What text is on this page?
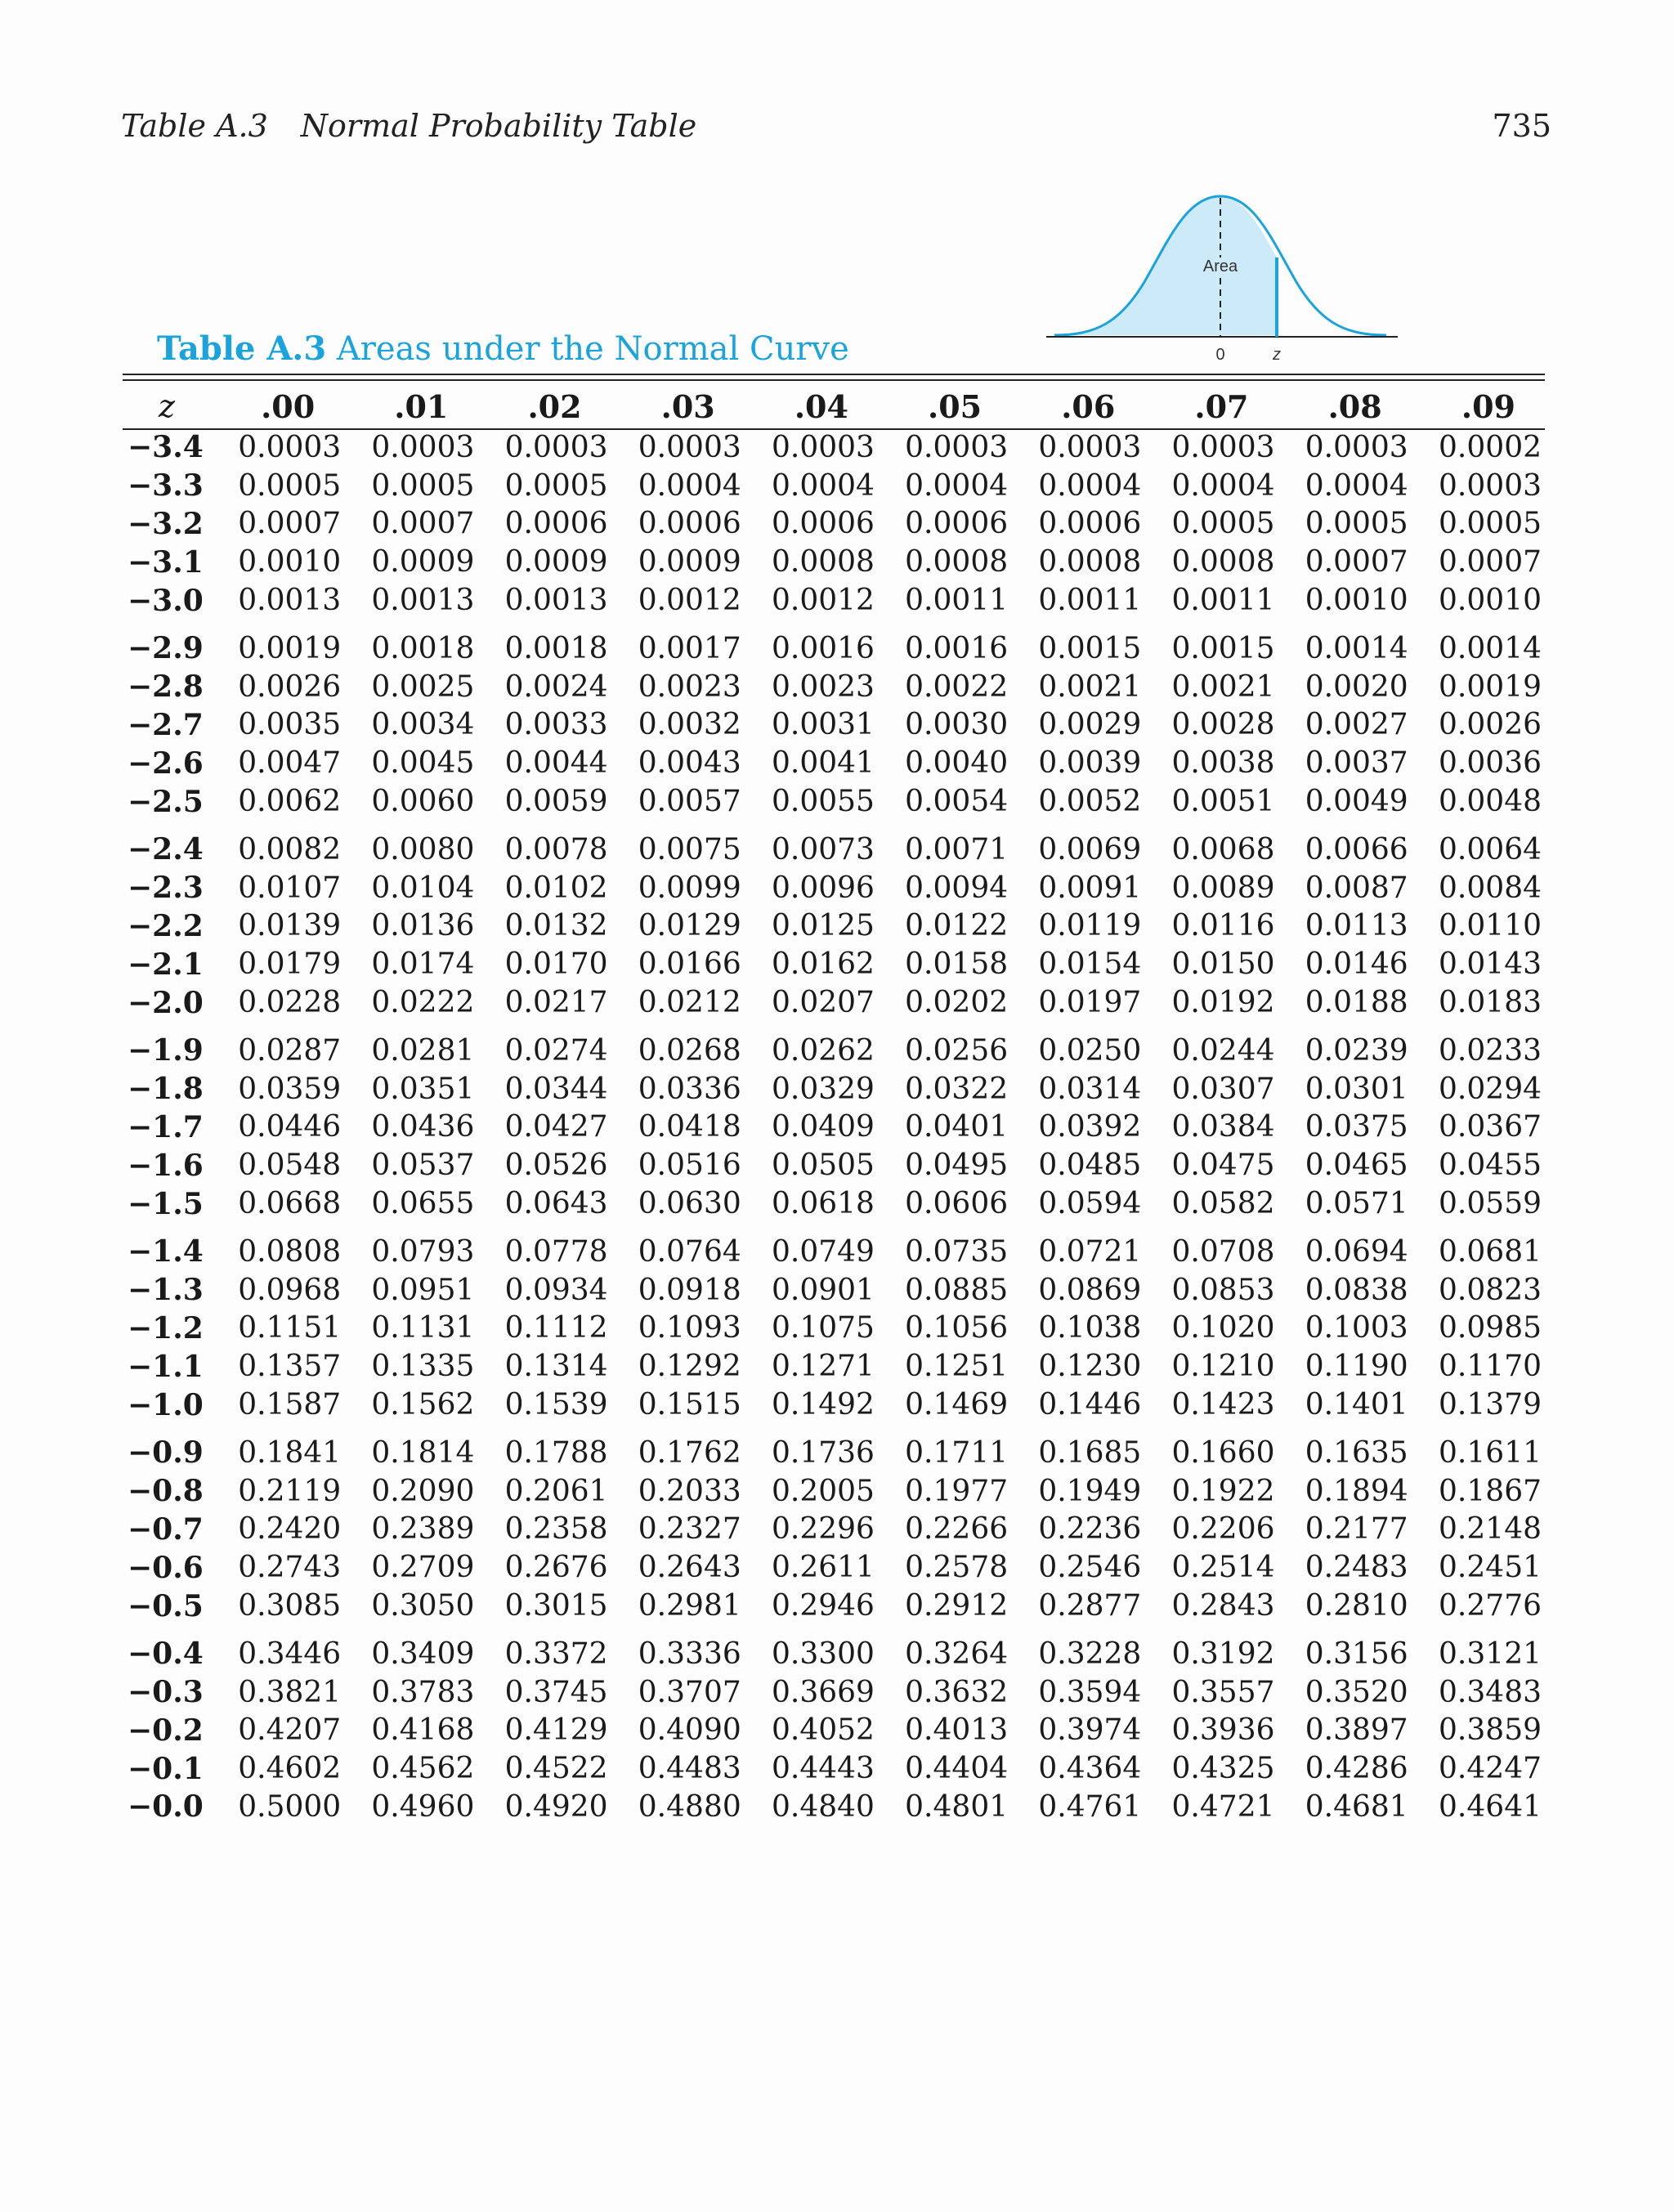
Table A.3 Normal Probability Table	735
Area
0	z
Table A.3 Areas under the Normal Curve
z	.00	.01	.02	.03	.04	.05	.06	.07	.08	.09
−3.4	0.0003	0.0003	0.0003	0.0003	0.0003	0.0003	0.0003	0.0003	0.0003	0.0002
−3.3	0.0005	0.0005	0.0005	0.0004	0.0004	0.0004	0.0004	0.0004	0.0004	0.0003
−3.2	0.0007	0.0007	0.0006	0.0006	0.0006	0.0006	0.0006	0.0005	0.0005	0.0005
−3.1	0.0010	0.0009	0.0009	0.0009	0.0008	0.0008	0.0008	0.0008	0.0007	0.0007
−3.0	0.0013	0.0013	0.0013	0.0012	0.0012	0.0011	0.0011	0.0011	0.0010	0.0010
−2.9	0.0019	0.0018	0.0018	0.0017	0.0016	0.0016	0.0015	0.0015	0.0014	0.0014
−2.8	0.0026	0.0025	0.0024	0.0023	0.0023	0.0022	0.0021	0.0021	0.0020	0.0019
−2.7	0.0035	0.0034	0.0033	0.0032	0.0031	0.0030	0.0029	0.0028	0.0027	0.0026
−2.6	0.0047	0.0045	0.0044	0.0043	0.0041	0.0040	0.0039	0.0038	0.0037	0.0036
−2.5	0.0062	0.0060	0.0059	0.0057	0.0055	0.0054	0.0052	0.0051	0.0049	0.0048
−2.4	0.0082	0.0080	0.0078	0.0075	0.0073	0.0071	0.0069	0.0068	0.0066	0.0064
−2.3	0.0107	0.0104	0.0102	0.0099	0.0096	0.0094	0.0091	0.0089	0.0087	0.0084
−2.2	0.0139	0.0136	0.0132	0.0129	0.0125	0.0122	0.0119	0.0116	0.0113	0.0110
−2.1	0.0179	0.0174	0.0170	0.0166	0.0162	0.0158	0.0154	0.0150	0.0146	0.0143
−2.0	0.0228	0.0222	0.0217	0.0212	0.0207	0.0202	0.0197	0.0192	0.0188	0.0183
−1.9	0.0287	0.0281	0.0274	0.0268	0.0262	0.0256	0.0250	0.0244	0.0239	0.0233
−1.8	0.0359	0.0351	0.0344	0.0336	0.0329	0.0322	0.0314	0.0307	0.0301	0.0294
−1.7	0.0446	0.0436	0.0427	0.0418	0.0409	0.0401	0.0392	0.0384	0.0375	0.0367
−1.6	0.0548	0.0537	0.0526	0.0516	0.0505	0.0495	0.0485	0.0475	0.0465	0.0455
−1.5	0.0668	0.0655	0.0643	0.0630	0.0618	0.0606	0.0594	0.0582	0.0571	0.0559
−1.4	0.0808	0.0793	0.0778	0.0764	0.0749	0.0735	0.0721	0.0708	0.0694	0.0681
−1.3	0.0968	0.0951	0.0934	0.0918	0.0901	0.0885	0.0869	0.0853	0.0838	0.0823
−1.2	0.1151	0.1131	0.1112	0.1093	0.1075	0.1056	0.1038	0.1020	0.1003	0.0985
−1.1	0.1357	0.1335	0.1314	0.1292	0.1271	0.1251	0.1230	0.1210	0.1190	0.1170
−1.0	0.1587	0.1562	0.1539	0.1515	0.1492	0.1469	0.1446	0.1423	0.1401	0.1379
−0.9	0.1841	0.1814	0.1788	0.1762	0.1736	0.1711	0.1685	0.1660	0.1635	0.1611
−0.8	0.2119	0.2090	0.2061	0.2033	0.2005	0.1977	0.1949	0.1922	0.1894	0.1867
−0.7	0.2420	0.2389	0.2358	0.2327	0.2296	0.2266	0.2236	0.2206	0.2177	0.2148
−0.6	0.2743	0.2709	0.2676	0.2643	0.2611	0.2578	0.2546	0.2514	0.2483	0.2451
−0.5	0.3085	0.3050	0.3015	0.2981	0.2946	0.2912	0.2877	0.2843	0.2810	0.2776
−0.4	0.3446	0.3409	0.3372	0.3336	0.3300	0.3264	0.3228	0.3192	0.3156	0.3121
−0.3	0.3821	0.3783	0.3745	0.3707	0.3669	0.3632	0.3594	0.3557	0.3520	0.3483
−0.2	0.4207	0.4168	0.4129	0.4090	0.4052	0.4013	0.3974	0.3936	0.3897	0.3859
−0.1	0.4602	0.4562	0.4522	0.4483	0.4443	0.4404	0.4364	0.4325	0.4286	0.4247
−0.0	0.5000	0.4960	0.4920	0.4880	0.4840	0.4801	0.4761	0.4721	0.4681	0.4641
